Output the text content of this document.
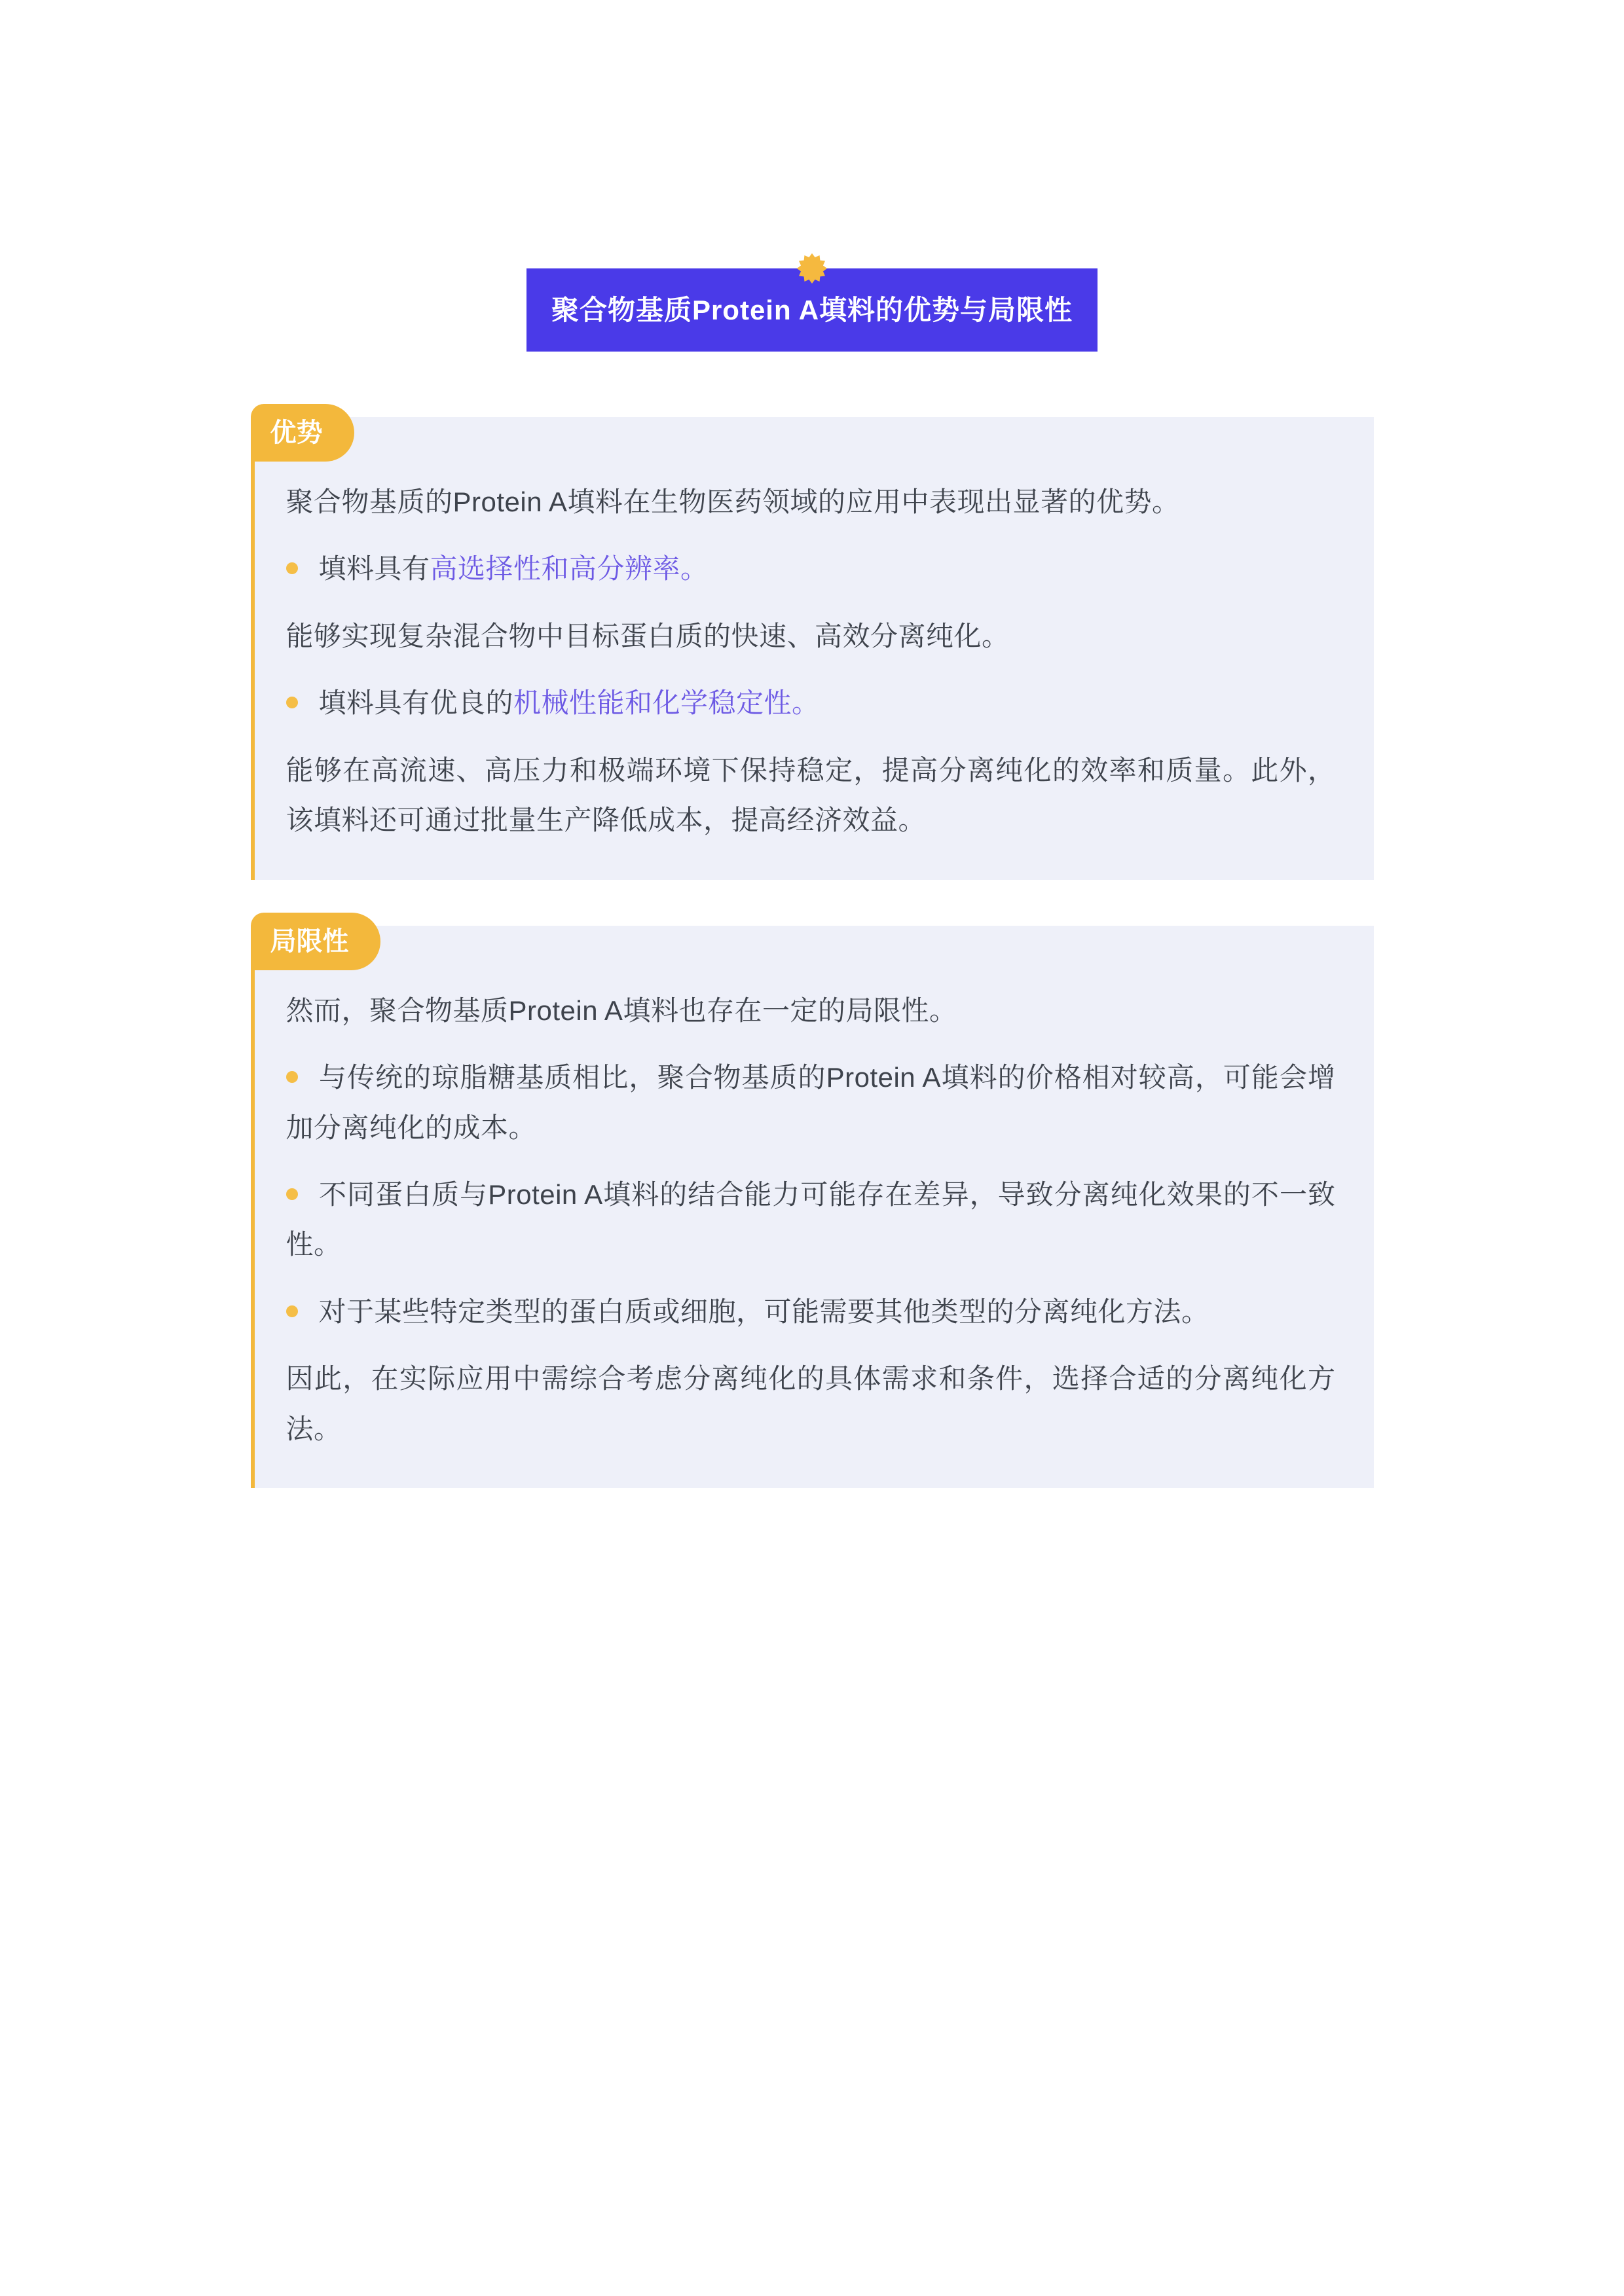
聚合物基质Protein A填料的优势与局限性
优势

聚合物基质的Protein A填料在生物医药领域的应用中表现出显著的优势。

填料具有高选择性和高分辨率。

能够实现复杂混合物中目标蛋白质的快速、高效分离纯化。

填料具有优良的机械性能和化学稳定性。

能够在高流速、高压力和极端环境下保持稳定，提高分离纯化的效率和质量。此外，该填料还可通过批量生产降低成本，提高经济效益。

局限性

然而，聚合物基质Protein A填料也存在一定的局限性。

与传统的琼脂糖基质相比，聚合物基质的Protein A填料的价格相对较高，可能会增加分离纯化的成本。

不同蛋白质与Protein A填料的结合能力可能存在差异，导致分离纯化效果的不一致性。

对于某些特定类型的蛋白质或细胞，可能需要其他类型的分离纯化方法。

因此，在实际应用中需综合考虑分离纯化的具体需求和条件，选择合适的分离纯化方法。
